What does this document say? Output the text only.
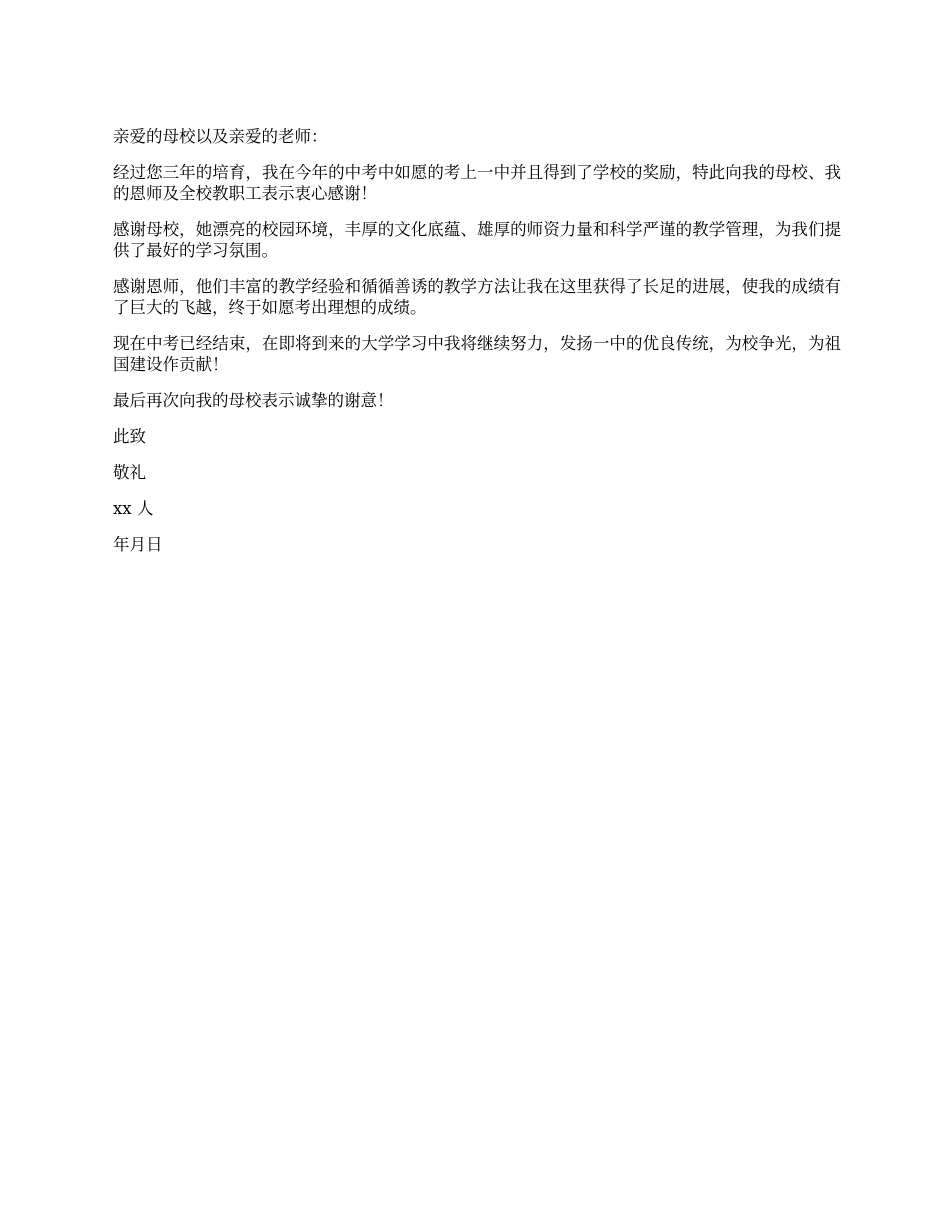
亲爱的母校以及亲爱的老师：

经过您三年的培育，我在今年的中考中如愿的考上一中并且得到了学校的奖励，特此向我的母校、我的恩师及全校教职工表示衷心感谢！

感谢母校，她漂亮的校园环境，丰厚的文化底蕴、雄厚的师资力量和科学严谨的教学管理，为我们提供了最好的学习氛围。

感谢恩师，他们丰富的教学经验和循循善诱的教学方法让我在这里获得了长足的进展，使我的成绩有了巨大的飞越，终于如愿考出理想的成绩。

现在中考已经结束，在即将到来的大学学习中我将继续努力，发扬一中的优良传统，为校争光，为祖国建设作贡献！

最后再次向我的母校表示诚挚的谢意！

此致

敬礼

xx 人

年月日
